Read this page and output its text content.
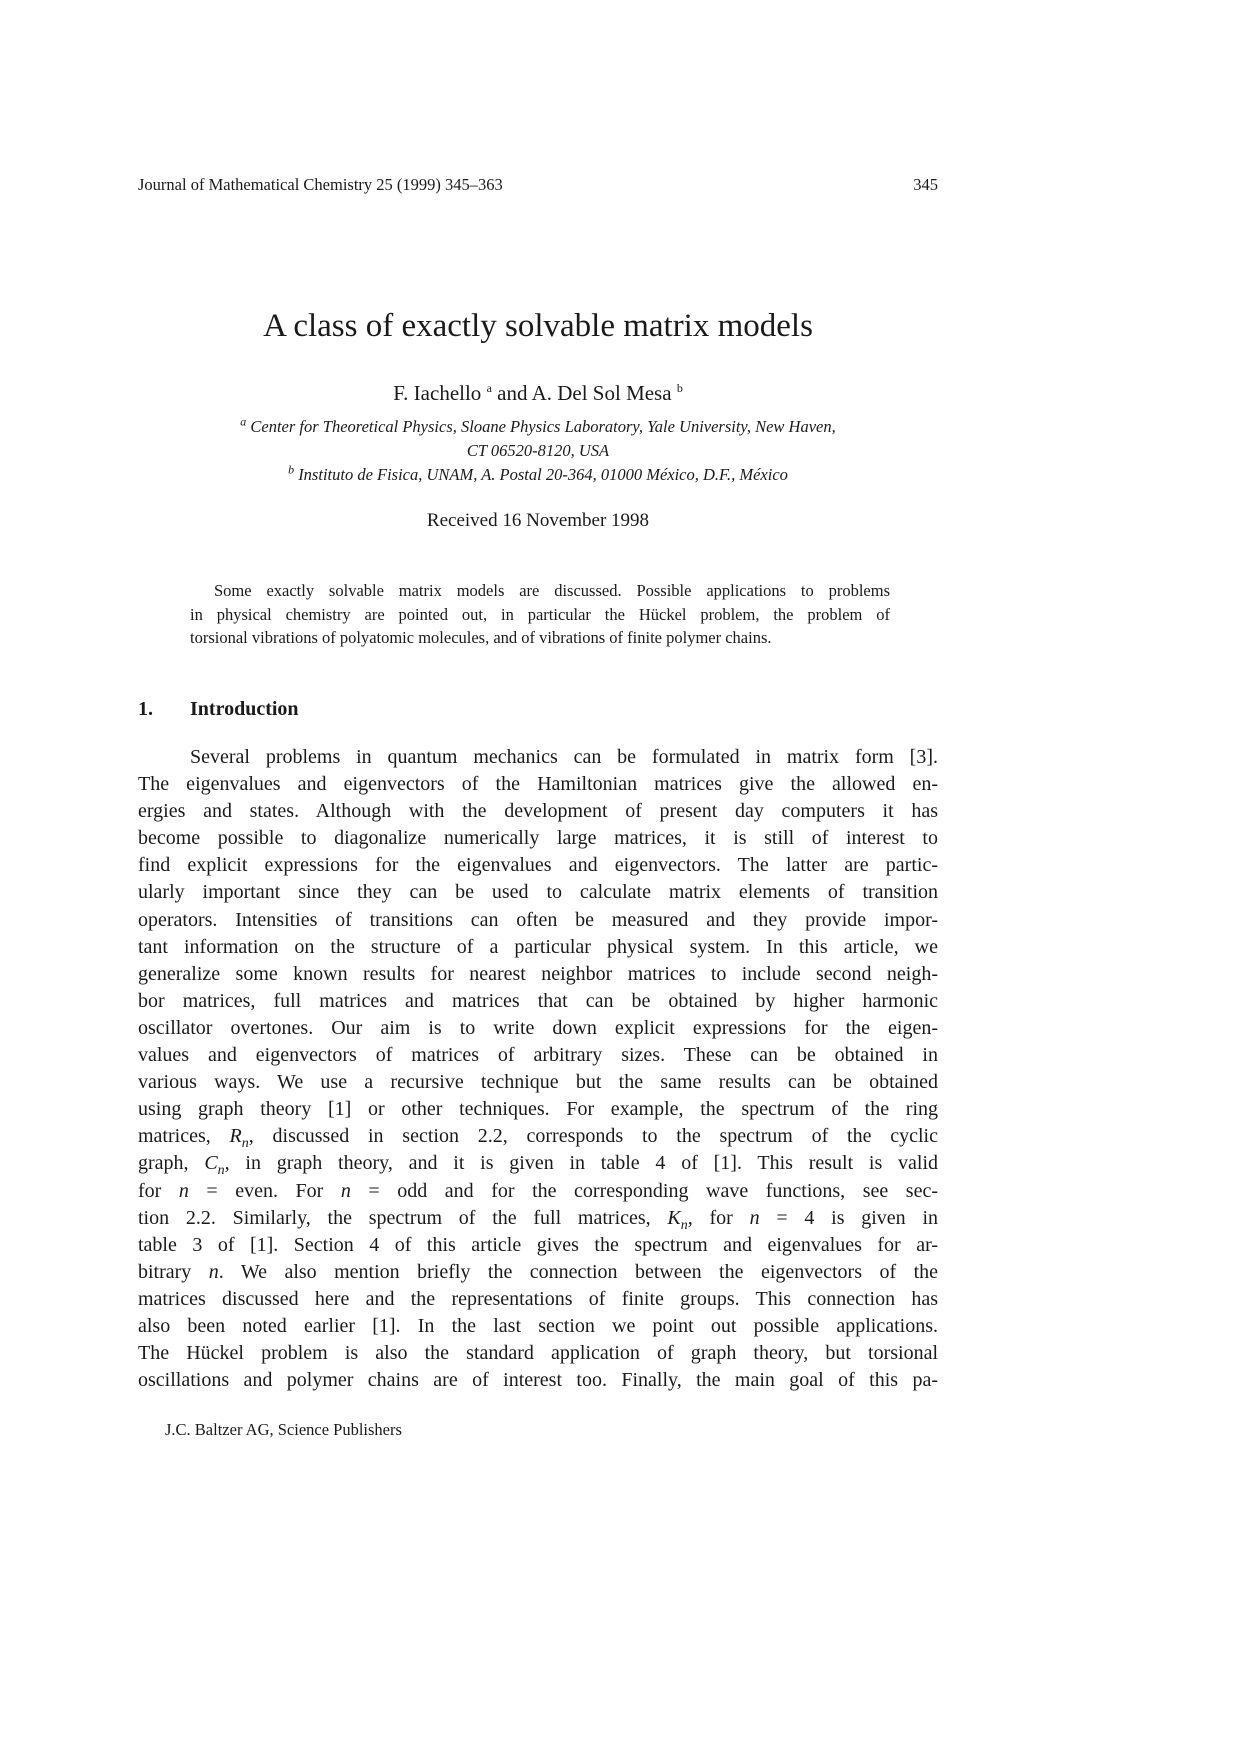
Journal of Mathematical Chemistry 25 (1999) 345–363	345
A class of exactly solvable matrix models
F. Iachello $^a$ and A. Del Sol Mesa $^b$
$^a$ Center for Theoretical Physics, Sloane Physics Laboratory, Yale University, New Haven,
CT 06520-8120, USA
$^b$ Instituto de Fisica, UNAM, A. Postal 20-364, 01000 México, D.F., México
Received 16 November 1998
Some exactly solvable matrix models are discussed. Possible applications to problems
in physical chemistry are pointed out, in particular the Hückel problem, the problem of
torsional vibrations of polyatomic molecules, and of vibrations of finite polymer chains.
1. Introduction
Several problems in quantum mechanics can be formulated in matrix form [3].
The eigenvalues and eigenvectors of the Hamiltonian matrices give the allowed en-
ergies and states. Although with the development of present day computers it has
become possible to diagonalize numerically large matrices, it is still of interest to
find explicit expressions for the eigenvalues and eigenvectors. The latter are partic-
ularly important since they can be used to calculate matrix elements of transition
operators. Intensities of transitions can often be measured and they provide impor-
tant information on the structure of a particular physical system. In this article, we
generalize some known results for nearest neighbor matrices to include second neigh-
bor matrices, full matrices and matrices that can be obtained by higher harmonic
oscillator overtones. Our aim is to write down explicit expressions for the eigen-
values and eigenvectors of matrices of arbitrary sizes. These can be obtained in
various ways. We use a recursive technique but the same results can be obtained
using graph theory [1] or other techniques. For example, the spectrum of the ring
matrices, $R_n$, discussed in section 2.2, corresponds to the spectrum of the cyclic
graph, $C_n$, in graph theory, and it is given in table 4 of [1]. This result is valid
for n = even. For n = odd and for the corresponding wave functions, see sec-
tion 2.2. Similarly, the spectrum of the full matrices, $K_n$, for n = 4 is given in
table 3 of [1]. Section 4 of this article gives the spectrum and eigenvalues for ar-
bitrary n. We also mention briefly the connection between the eigenvectors of the
matrices discussed here and the representations of finite groups. This connection has
also been noted earlier [1]. In the last section we point out possible applications.
The Hückel problem is also the standard application of graph theory, but torsional
oscillations and polymer chains are of interest too. Finally, the main goal of this pa-
J.C. Baltzer AG, Science Publishers
